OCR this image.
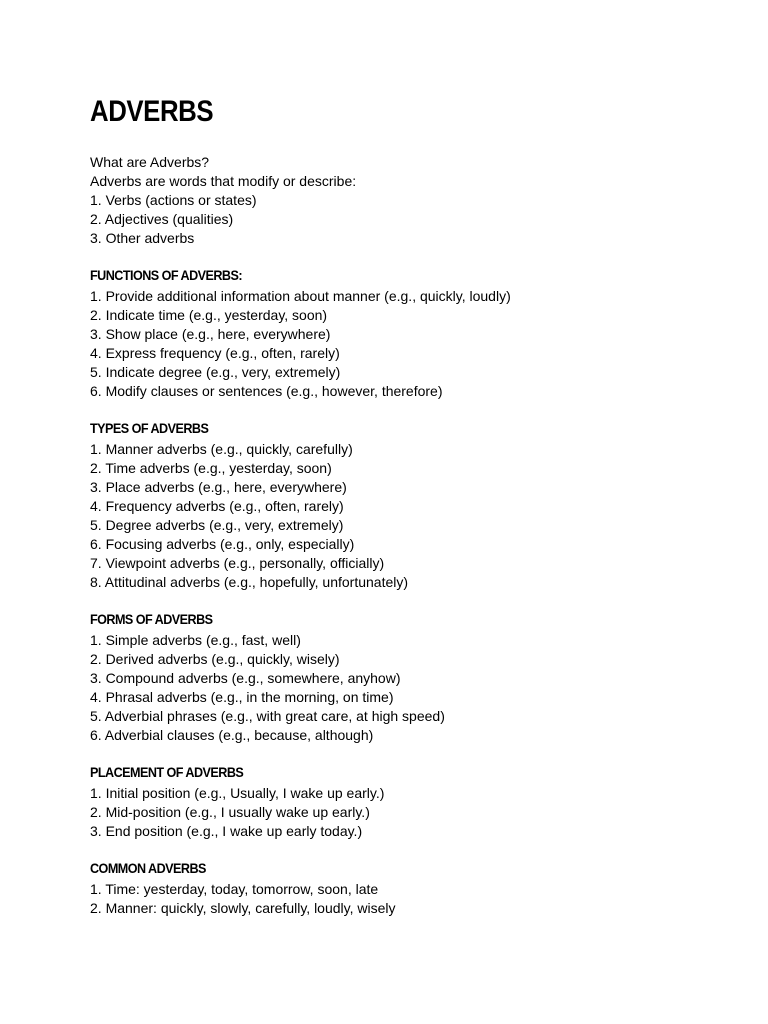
ADVERBS
What are Adverbs?
Adverbs are words that modify or describe:
1. Verbs (actions or states)
2. Adjectives (qualities)
3. Other adverbs
FUNCTIONS OF ADVERBS:
1. Provide additional information about manner (e.g., quickly, loudly)
2. Indicate time (e.g., yesterday, soon)
3. Show place (e.g., here, everywhere)
4. Express frequency (e.g., often, rarely)
5. Indicate degree (e.g., very, extremely)
6. Modify clauses or sentences (e.g., however, therefore)
TYPES OF ADVERBS
1. Manner adverbs (e.g., quickly, carefully)
2. Time adverbs (e.g., yesterday, soon)
3. Place adverbs (e.g., here, everywhere)
4. Frequency adverbs (e.g., often, rarely)
5. Degree adverbs (e.g., very, extremely)
6. Focusing adverbs (e.g., only, especially)
7. Viewpoint adverbs (e.g., personally, officially)
8. Attitudinal adverbs (e.g., hopefully, unfortunately)
FORMS OF ADVERBS
1. Simple adverbs (e.g., fast, well)
2. Derived adverbs (e.g., quickly, wisely)
3. Compound adverbs (e.g., somewhere, anyhow)
4. Phrasal adverbs (e.g., in the morning, on time)
5. Adverbial phrases (e.g., with great care, at high speed)
6. Adverbial clauses (e.g., because, although)
PLACEMENT OF ADVERBS
1. Initial position (e.g., Usually, I wake up early.)
2. Mid-position (e.g., I usually wake up early.)
3. End position (e.g., I wake up early today.)
COMMON ADVERBS
1. Time: yesterday, today, tomorrow, soon, late
2. Manner: quickly, slowly, carefully, loudly, wisely
